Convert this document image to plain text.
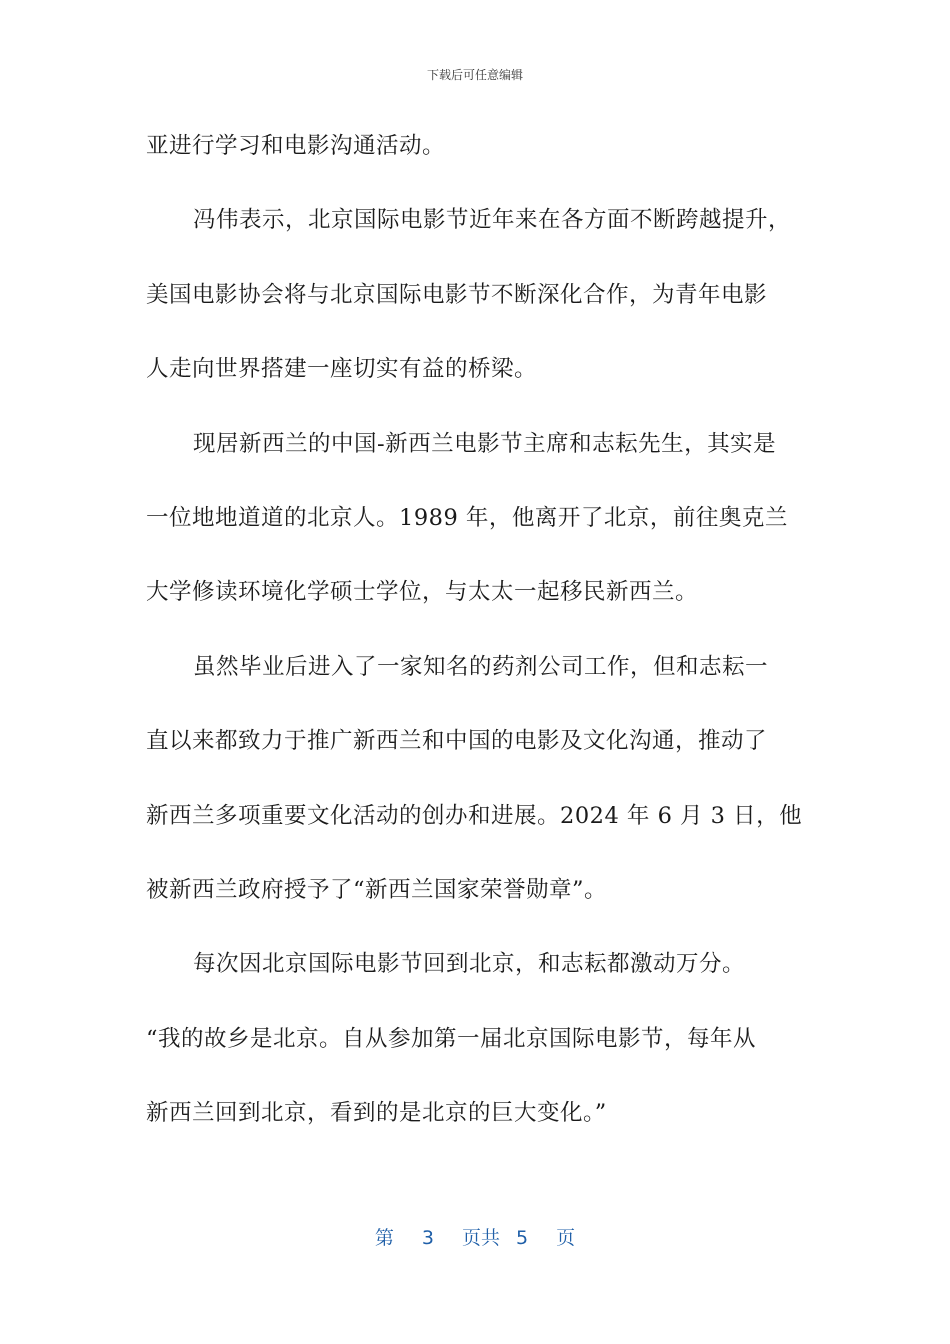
下载后可任意编辑
亚进行学习和电影沟通活动。
冯伟表示，北京国际电影节近年来在各方面不断跨越提升，
美国电影协会将与北京国际电影节不断深化合作，为青年电影
人走向世界搭建一座切实有益的桥梁。
现居新西兰的中国-新西兰电影节主席和志耘先生，其实是
一位地地道道的北京人。1989 年，他离开了北京，前往奥克兰
大学修读环境化学硕士学位，与太太一起移民新西兰。
虽然毕业后进入了一家知名的药剂公司工作，但和志耘一
直以来都致力于推广新西兰和中国的电影及文化沟通，推动了
新西兰多项重要文化活动的创办和进展。2024 年 6 月 3 日，他
被新西兰政府授予了“新西兰国家荣誉勋章”。
每次因北京国际电影节回到北京，和志耘都激动万分。
“我的故乡是北京。自从参加第一届北京国际电影节，每年从
新西兰回到北京，看到的是北京的巨大变化。”
第 3 页共 5 页
